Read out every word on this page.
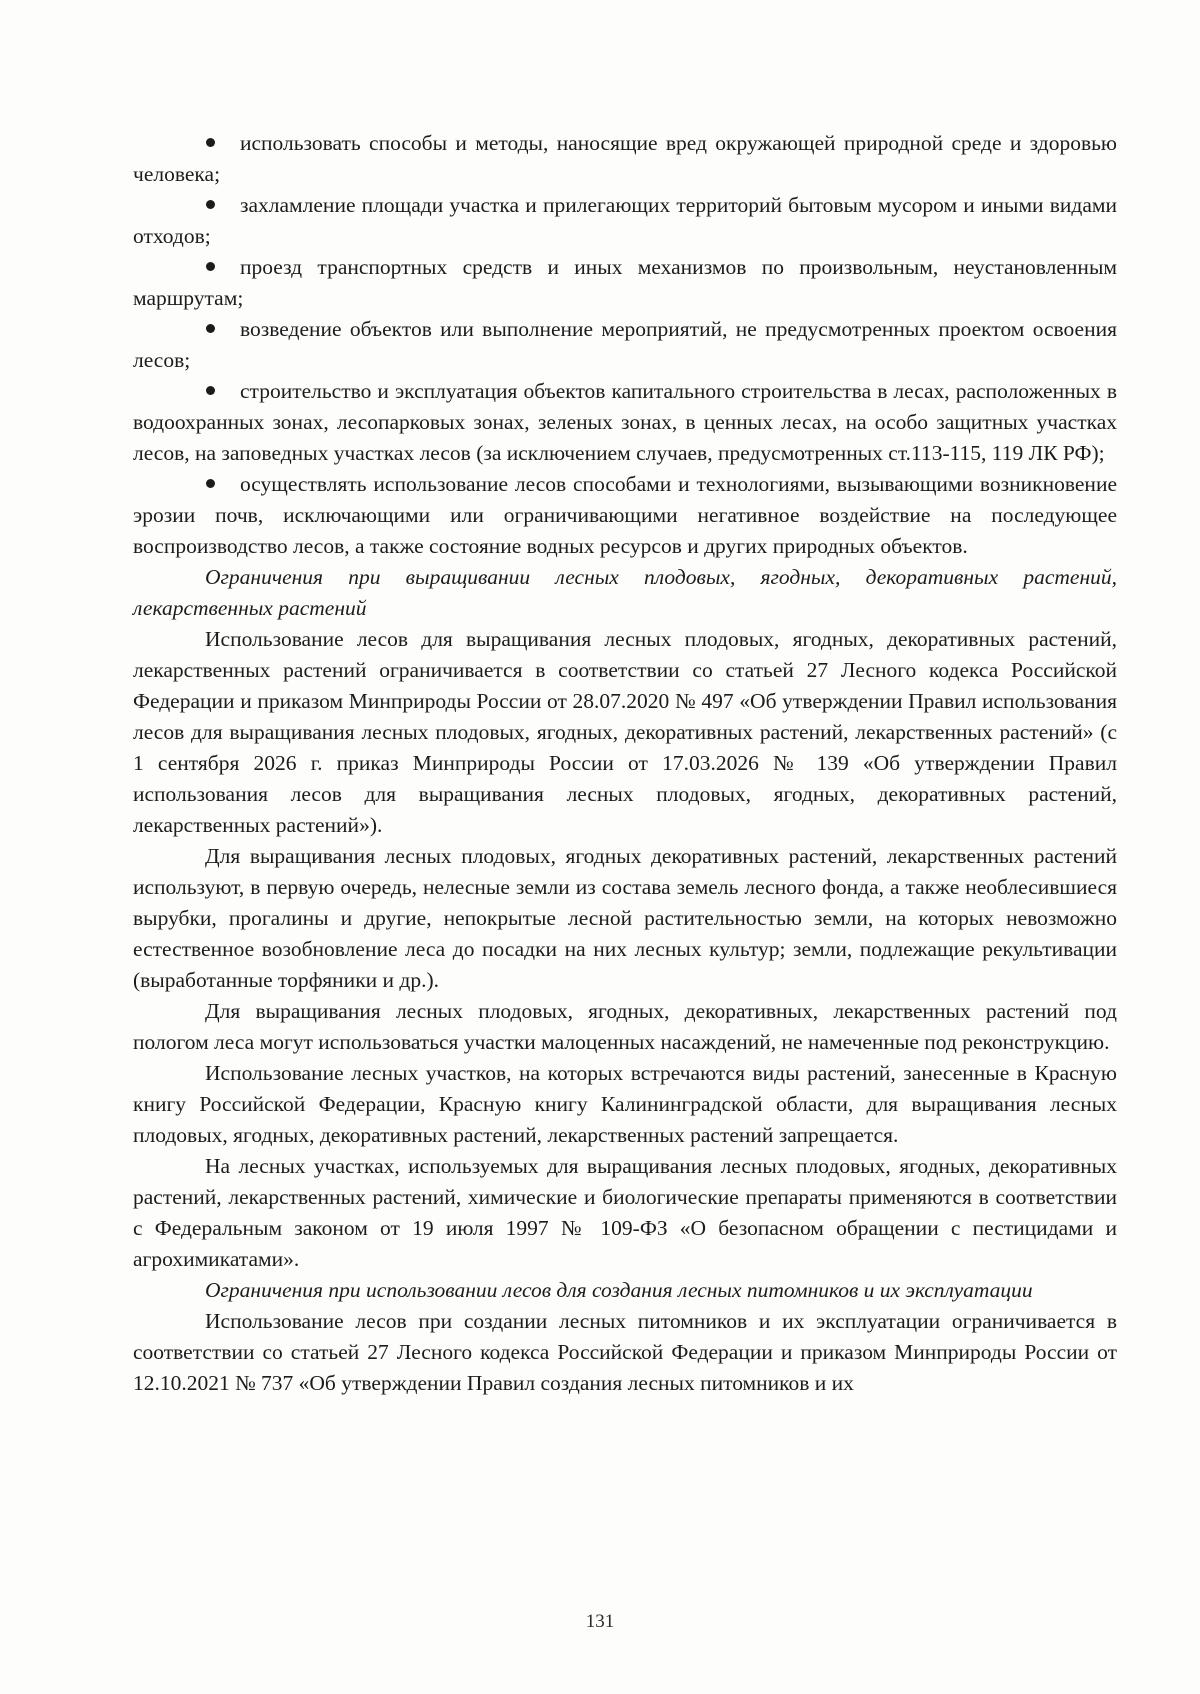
использовать способы и методы, наносящие вред окружающей природной среде и здоровью человека;

захламление площади участка и прилегающих территорий бытовым мусором и иными видами отходов;

проезд транспортных средств и иных механизмов по произвольным, неустановленным маршрутам;

возведение объектов или выполнение мероприятий, не предусмотренных проектом освоения лесов;

строительство и эксплуатация объектов капитального строительства в лесах, расположенных в водоохранных зонах, лесопарковых зонах, зеленых зонах, в ценных лесах, на особо защитных участках лесов, на заповедных участках лесов (за исключением случаев, предусмотренных ст.113-115, 119 ЛК РФ);

осуществлять использование лесов способами и технологиями, вызывающими возникновение эрозии почв, исключающими или ограничивающими негативное воздействие на последующее воспроизводство лесов, а также состояние водных ресурсов и других природных объектов.

Ограничения при выращивании лесных плодовых, ягодных, декоративных растений, лекарственных растений

Использование лесов для выращивания лесных плодовых, ягодных, декоративных растений, лекарственных растений ограничивается в соответствии со статьей 27 Лесного кодекса Российской Федерации и приказом Минприроды России от 28.07.2020 № 497 «Об утверждении Правил использования лесов для выращивания лесных плодовых, ягодных, декоративных растений, лекарственных растений» (с 1 сентября 2026 г. приказ Минприроды России от 17.03.2026 № 139 «Об утверждении Правил использования лесов для выращивания лесных плодовых, ягодных, декоративных растений, лекарственных растений»).

Для выращивания лесных плодовых, ягодных декоративных растений, лекарственных растений используют, в первую очередь, нелесные земли из состава земель лесного фонда, а также необлесившиеся вырубки, прогалины и другие, непокрытые лесной растительностью земли, на которых невозможно естественное возобновление леса до посадки на них лесных культур; земли, подлежащие рекультивации (выработанные торфяники и др.).

Для выращивания лесных плодовых, ягодных, декоративных, лекарственных растений под пологом леса могут использоваться участки малоценных насаждений, не намеченные под реконструкцию.

Использование лесных участков, на которых встречаются виды растений, занесенные в Красную книгу Российской Федерации, Красную книгу Калининградской области, для выращивания лесных плодовых, ягодных, декоративных растений, лекарственных растений запрещается.

На лесных участках, используемых для выращивания лесных плодовых, ягодных, декоративных растений, лекарственных растений, химические и биологические препараты применяются в соответствии с Федеральным законом от 19 июля 1997 № 109-ФЗ «О безопасном обращении с пестицидами и агрохимикатами».

Ограничения при использовании лесов для создания лесных питомников и их эксплуатации

Использование лесов при создании лесных питомников и их эксплуатации ограничивается в соответствии со статьей 27 Лесного кодекса Российской Федерации и приказом Минприроды России от 12.10.2021 № 737 «Об утверждении Правил создания лесных питомников и их

131
